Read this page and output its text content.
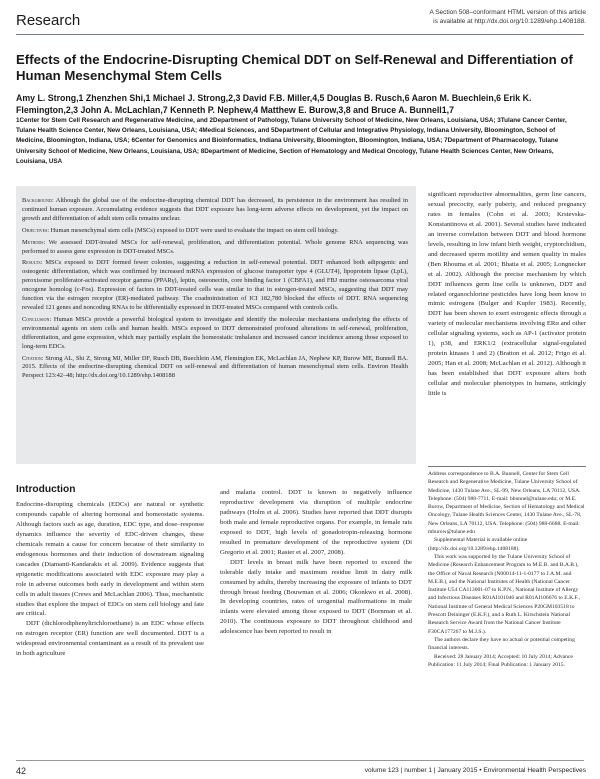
Research	A Section 508–conformant HTML version of this article
is available at http://dx.doi.org/10.1289/ehp.1408188.
Effects of the Endocrine-Disrupting Chemical DDT on Self-Renewal and Differentiation of Human Mesenchymal Stem Cells
Amy L. Strong,1 Zhenzhen Shi,1 Michael J. Strong,2,3 David F.B. Miller,4,5 Douglas B. Rusch,6 Aaron M. Buechlein,6 Erik K. Flemington,2,3 John A. McLachlan,7 Kenneth P. Nephew,4 Matthew E. Burow,3,8 and Bruce A. Bunnell1,7
1Center for Stem Cell Research and Regenerative Medicine, and 2Department of Pathology, Tulane University School of Medicine, New Orleans, Louisiana, USA; 3Tulane Cancer Center, Tulane Health Science Center, New Orleans, Louisiana, USA; 4Medical Sciences, and 5Department of Cellular and Integrative Physiology, Indiana University, Bloomington, School of Medicine, Bloomington, Indiana, USA; 6Center for Genomics and Bioinformatics, Indiana University, Bloomington, Bloomington, Indiana, USA; 7Department of Pharmacology, Tulane University School of Medicine, New Orleans, Louisiana, USA; 8Department of Medicine, Section of Hematology and Medical Oncology, Tulane Health Sciences Center, New Orleans, Louisiana, USA

Background: Although the global use of the endocrine-disrupting chemical DDT has decreased, its persistence in the environment has resulted in continued human exposure. Accumulating evidence suggests that DDT exposure has long-term adverse effects on development, yet the impact on growth and differentiation of adult stem cells remains unclear.

Objectives: Human mesenchymal stem cells (MSCs) exposed to DDT were used to evaluate the impact on stem cell biology.

Methods: We assessed DDT-treated MSCs for self-renewal, proliferation, and differentiation potential. Whole genome RNA sequencing was performed to assess gene expression in DDT-treated MSCs.

Results: MSCs exposed to DDT formed fewer colonies, suggesting a reduction in self-renewal potential. DDT enhanced both adipogenic and osteogenic differentiation, which was confirmed by increased mRNA expression of glucose transporter type 4 (GLUT4), lipoprotein lipase (LpL), peroxisome proliferator-activated receptor gamma (PPARγ), leptin, osteonectin, core binding factor 1 (CBFA1), and FBJ murine osteosarcoma viral oncogene homolog (c-Fos). Expression of factors in DDT-treated cells was similar to that in estrogen-treated MSCs, suggesting that DDT may function via the estrogen receptor (ER)-mediated pathway. The coadministration of ICI 182,780 blocked the effects of DDT. RNA sequencing revealed 121 genes and noncoding RNAs to be differentially expressed in DDT-treated MSCs compared with controls cells.

Conclusion: Human MSCs provide a powerful biological system to investigate and identify the molecular mechanisms underlying the effects of environmental agents on stem cells and human health. MSCs exposed to DDT demonstrated profound alterations in self-renewal, proliferation, differentiation, and gene expression, which may partially explain the homeostatic imbalance and increased cancer incidence among those exposed to long-term EDCs.

Citation: Strong AL, Shi Z, Strong MJ, Miller DF, Rusch DB, Buechlein AM, Flemington EK, McLachlan JA, Nephew KP, Burow ME, Bunnell BA. 2015. Effects of the endocrine-disrupting chemical DDT on self-renewal and differentiation of human mesenchymal stem cells. Environ Health Perspect 123:42–48; http://dx.doi.org/10.1289/ehp.1408188

significant reproductive abnormalities, germ line cancers, sexual precocity, early puberty, and reduced pregnancy rates in females (Cohn et al. 2003; Krstevska-Konstantinova et al. 2001). Several studies have indicated an inverse correlation between DDT and blood hormone levels, resulting in low infant birth weight, cryptorchidism, and decreased sperm motility and semen quality in males (Ben Rhouma et al. 2001; Bhatia et al. 2005; Longnecker et al. 2002). Although the precise mechanism by which DDT influences germ line cells is unknown, DDT and related organochlorine pesticides have long been know to mimic estrogens (Bulger and Kupfer 1983). Recently, DDT has been shown to exert estrogenic effects through a variety of molecular mechanisms involving ERα and other cellular signaling systems, such as AP-1 (activator protein 1), p38, and ERK1/2 (extracellular signal-regulated protein kinases 1 and 2) (Bratton et al. 2012; Frigo et al. 2005; Han et al. 2008; McLachlan et al. 2012). Although it has been established that DDT exposure alters both cellular and molecular phenotypes in humans, strikingly little is

Address correspondence to B.A. Bunnell, Center for Stem Cell Research and Regenerative Medicine, Tulane University School of Medicine, 1430 Tulane Ave., SL-99, New Orleans, LA 70112, USA. Telephone: (504) 988-7711. E-mail: bbunnel@tulane.edu; or M.E. Burow, Department of Medicine, Section of Hematology and Medical Oncology, Tulane Health Sciences Center, 1430 Tulane Ave., SL-78, New Orleans, LA 70112, USA. Telephone: (504) 988-6688. E-mail: mburow@tulane.edu

Supplemental Material is available online (http://dx.doi.org/10.1289/ehp.1408188).

This work was supported by the Tulane University School of Medicine (Research Enhancement Program to M.E.B. and B.A.B.), the Office of Naval Research (N00014-11-1-0177 to J.A.M. and M.E.B.), and the National Institutes of Health (National Cancer Institute U54 CA113001-07 to K.P.N., National Institute of Allergy and Infectious Diseases R01AI101046 and R01AI106676 to E.K.F., National Institute of General Medical Sciences P20GM103518 to Prescott Deininger (E.K.F.), and a Ruth L. Kirschstein National Research Service Award from the National Cancer Institute F30CA177267 to M.J.S.).

The authors declare they have no actual or potential competing financial interests.

Received: 28 January 2014; Accepted: 10 July 2014; Advance Publication: 11 July 2014; Final Publication: 1 January 2015.

Introduction

Endocrine-disrupting chemicals (EDCs) are natural or synthetic compounds capable of altering hormonal and homeostatic systems. Although factors such as age, duration, EDC type, and dose–response dynamics influence the severity of EDC-driven changes, these chemicals remain a cause for concern because of their similarity to endogenous hormones and their induction of downstream signaling cascades (Diamanti-Kandarakis et al. 2009). Evidence suggests that epigenetic modifications associated with EDC exposure may play a role in adverse outcomes both early in development and within stem cells in adult tissues (Crews and McLachlan 2006). Thus, mechanistic studies that explore the impact of EDCs on stem cell biology and fate are critical.

DDT (dichlorodiphenyltrichloroethane) is an EDC whose effects on estrogen receptor (ER) function are well documented. DDT is a widespread environmental contaminant as a result of its prevalent use in both agriculture

and malaria control. DDT is known to negatively influence reproductive development via disruption of multiple endocrine pathways (Holm et al. 2006). Studies have reported that DDT disrupts both male and female reproductive organs. For example, in female rats exposed to DDT, high levels of gonadotropin-releasing hormone resulted in premature development of the reproductive system (Di Gregorio et al. 2001; Rasier et al. 2007, 2008).

DDT levels in breast milk have been reported to exceed the tolerable daily intake and maximum residue limit in dairy milk consumed by adults, thereby increasing the exposure of infants to DDT through breast feeding (Bouwman et al. 2006; Okonkwo et al. 2008). In developing countries, rates of urogenital malformations in male infants were elevated among those exposed to DDT (Bornman et al. 2010). The continuous exposure to DDT throughout childhood and adolescence has been reported to result in

42	volume 123 | number 1 | January 2015 • Environmental Health Perspectives
